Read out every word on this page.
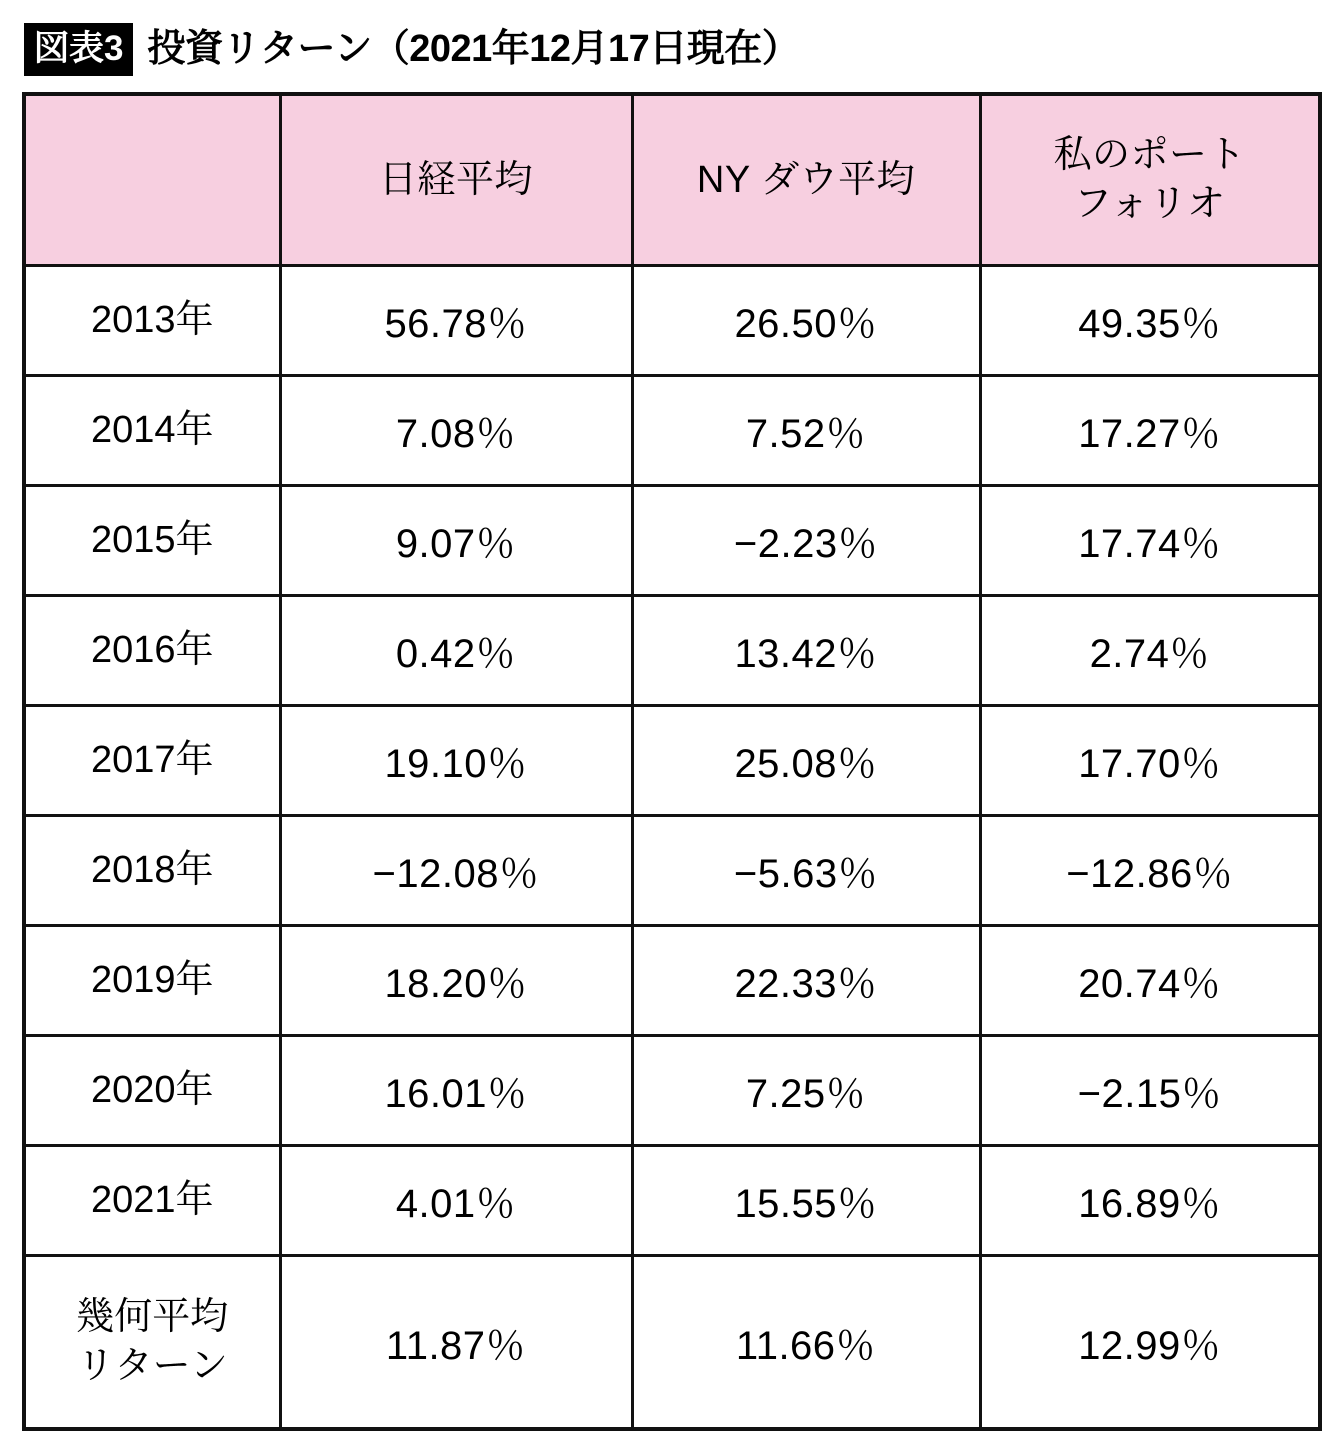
図表3 投資リターン（2021年12月17日現在）

	日経平均	NY ダウ平均	私のポート
フォリオ

2013年	56.78％	26.50％	49.35％

2014年	7.08％	7.52％	17.27％

2015年	9.07％	−2.23％	17.74％

2016年	0.42％	13.42％	2.74％

2017年	19.10％	25.08％	17.70％

2018年	−12.08％	−5.63％	−12.86％

2019年	18.20％	22.33％	20.74％

2020年	16.01％	7.25％	−2.15％

2021年	4.01％	15.55％	16.89％

幾何平均
リターン	11.87％	11.66％	12.99％
